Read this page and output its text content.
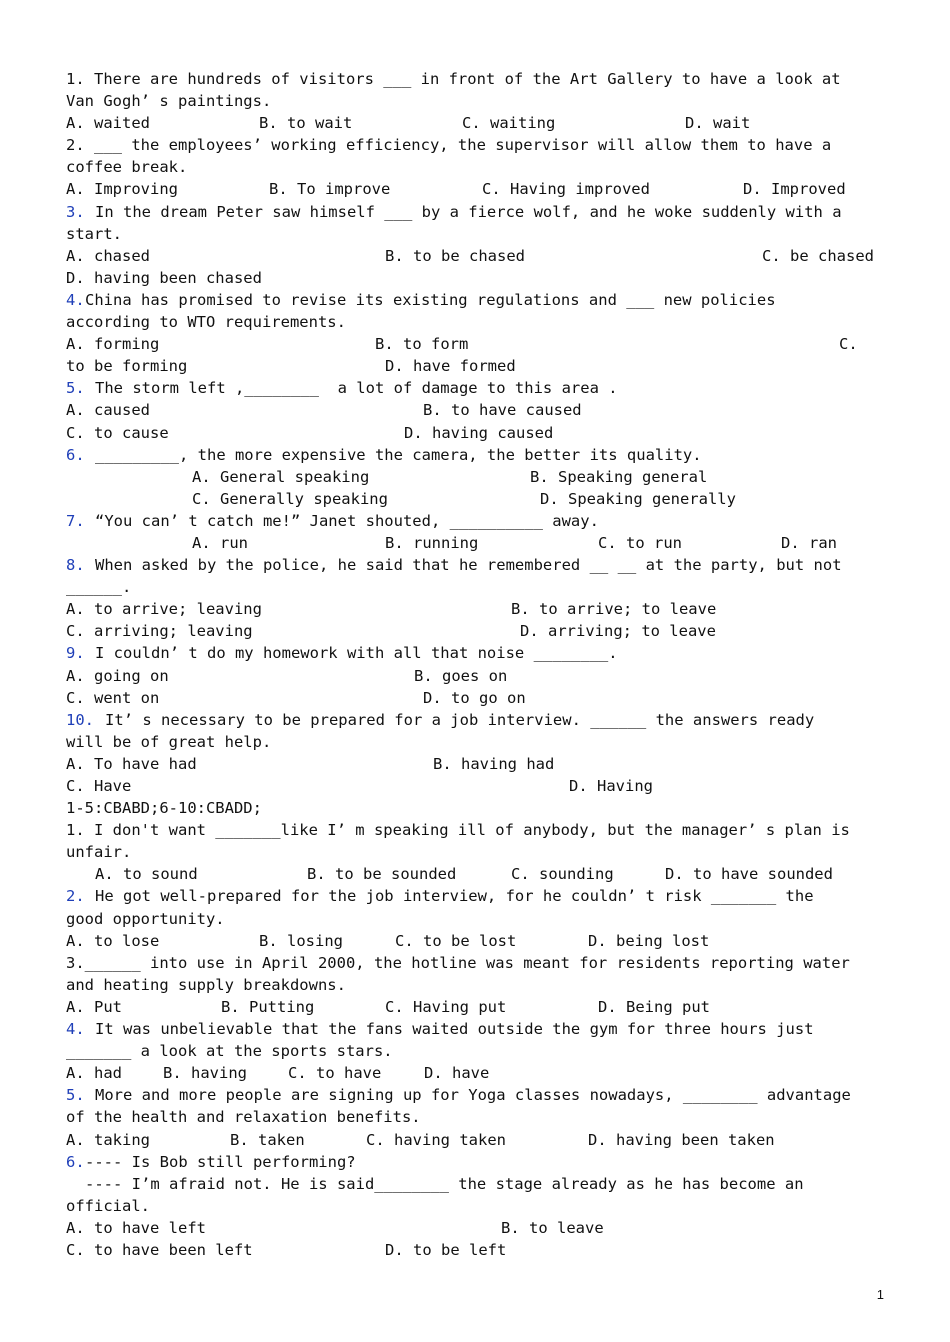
1. There are hundreds of visitors ___ in front of the Art Gallery to have a look at
Van Gogh’ s paintings.
A. waited	B. to wait	C. waiting	D. wait
2. ___ the employees’ working efficiency, the supervisor will allow them to have a
coffee break.
A. Improving	B. To improve	C. Having improved	D. Improved
3. In the dream Peter saw himself ___ by a fierce wolf, and he woke suddenly with a
start.
A. chased	B. to be chased	C. be chased
D. having been chased
4. China has promised to revise its existing regulations and ___ new policies
according to WTO requirements.
A. forming	B. to form	C.
to be forming	D. have formed
5. The storm left ,________  a lot of damage to this area .
A. caused	B. to have caused
C. to cause	D. having caused
6. _________, the more expensive the camera, the better its quality.
A. General speaking	B. Speaking general
C. Generally speaking	D. Speaking generally
7. “You can’ t catch me!” Janet shouted, __________ away.
A. run	B. running	C. to run	D. ran
8. When asked by the police, he said that he remembered __ __ at the party, but not
______.
A. to arrive; leaving	B. to arrive; to leave
C. arriving; leaving	D. arriving; to leave
9. I couldn’ t do my homework with all that noise ________.
A. going on	B. goes on
C. went on	D. to go on
10. It’ s necessary to be prepared for a job interview. ______ the answers ready
will be of great help.
A. To have had	B. having had
C. Have	D. Having
1-5:CBABD;6-10:CBADD;
1. I don't want _______like I’ m speaking ill of anybody, but the manager’ s plan is
unfair.
A. to sound	B. to be sounded	C. sounding	D. to have sounded
2. He got well-prepared for the job interview, for he couldn’ t risk _______ the
good opportunity.
A. to lose	B. losing	C. to be lost	D. being lost
3.______ into use in April 2000, the hotline was meant for residents reporting water
and heating supply breakdowns.
A. Put	B. Putting	C. Having put	D. Being put
4. It was unbelievable that the fans waited outside the gym for three hours just
_______ a look at the sports stars.
A. had	B. having	C. to have	D. have
5. More and more people are signing up for Yoga classes nowadays, ________ advantage
of the health and relaxation benefits.
A. taking	B. taken	C. having taken	D. having been taken
6. ---- Is Bob still performing?
---- I’m afraid not. He is said________ the stage already as he has become an
official.
A. to have left	B. to leave
C. to have been left	D. to be left
1
